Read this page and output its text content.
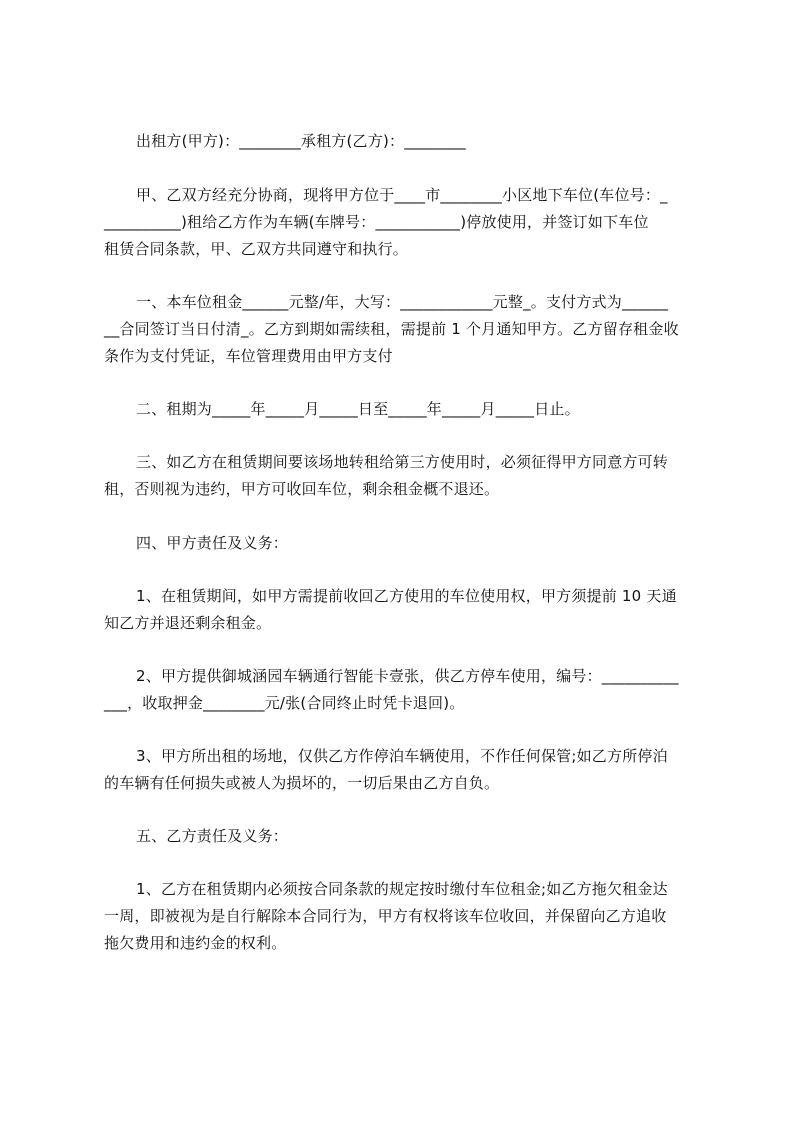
出租方(甲方)：________承租方(乙方)：________
甲、乙双方经充分协商，现将甲方位于____市________小区地下车位(车位号：_
__________)租给乙方作为车辆(车牌号：___________)停放使用，并签订如下车位
租赁合同条款，甲、乙双方共同遵守和执行。
一、本车位租金______元整/年，大写：____________元整_。支付方式为______
__合同签订当日付清_。乙方到期如需续租，需提前 1 个月通知甲方。乙方留存租金收
条作为支付凭证，车位管理费用由甲方支付
二、租期为_____年_____月_____日至_____年_____月_____日止。
三、如乙方在租赁期间要该场地转租给第三方使用时，必须征得甲方同意方可转
租，否则视为违约，甲方可收回车位，剩余租金概不退还。
四、甲方责任及义务：
1、在租赁期间，如甲方需提前收回乙方使用的车位使用权，甲方须提前 10 天通
知乙方并退还剩余租金。
2、甲方提供御城涵园车辆通行智能卡壹张，供乙方停车使用，编号：__________
___，收取押金________元/张(合同终止时凭卡退回)。
3、甲方所出租的场地，仅供乙方作停泊车辆使用，不作任何保管;如乙方所停泊
的车辆有任何损失或被人为损坏的，一切后果由乙方自负。
五、乙方责任及义务：
1、乙方在租赁期内必须按合同条款的规定按时缴付车位租金;如乙方拖欠租金达
一周，即被视为是自行解除本合同行为，甲方有权将该车位收回，并保留向乙方追收
拖欠费用和违约金的权利。
